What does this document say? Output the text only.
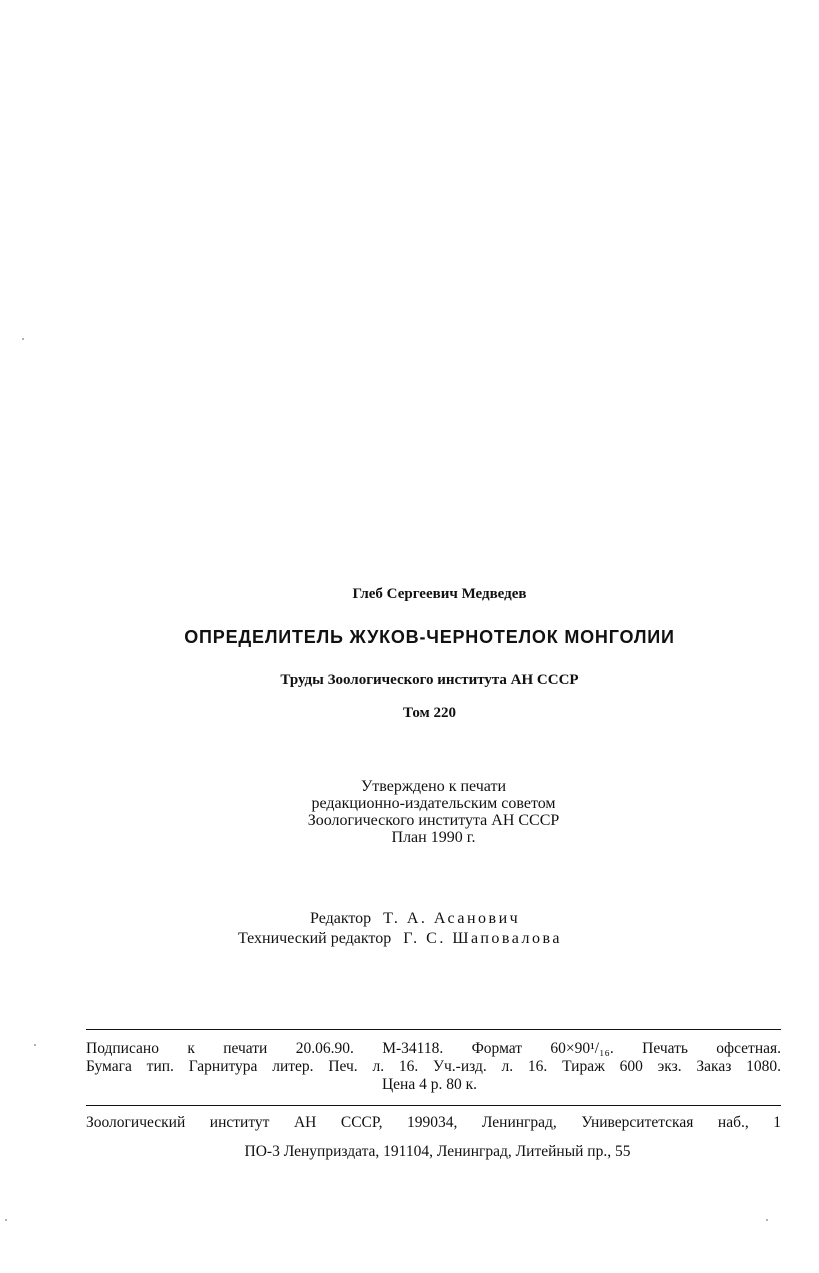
Глеб Сергеевич Медведев
ОПРЕДЕЛИТЕЛЬ ЖУКОВ-ЧЕРНОТЕЛОК МОНГОЛИИ
Труды Зоологического института АН СССР
Том 220
Утверждено к печати
редакционно-издательским советом
Зоологического института АН СССР
План 1990 г.
Редактор Т. А. Асанович
Технический редактор Г. С. Шаповалова
Подписано к печати 20.06.90. М-34118. Формат 60×90¹/₁₆. Печать офсетная.
Бумага тип. Гарнитура литер. Печ. л. 16. Уч.-изд. л. 16. Тираж 600 экз. Заказ 1080.
Цена 4 р. 80 к.
Зоологический институт АН СССР, 199034, Ленинград, Университетская наб., 1
ПО-3 Ленуприздата, 191104, Ленинград, Литейный пр., 55
